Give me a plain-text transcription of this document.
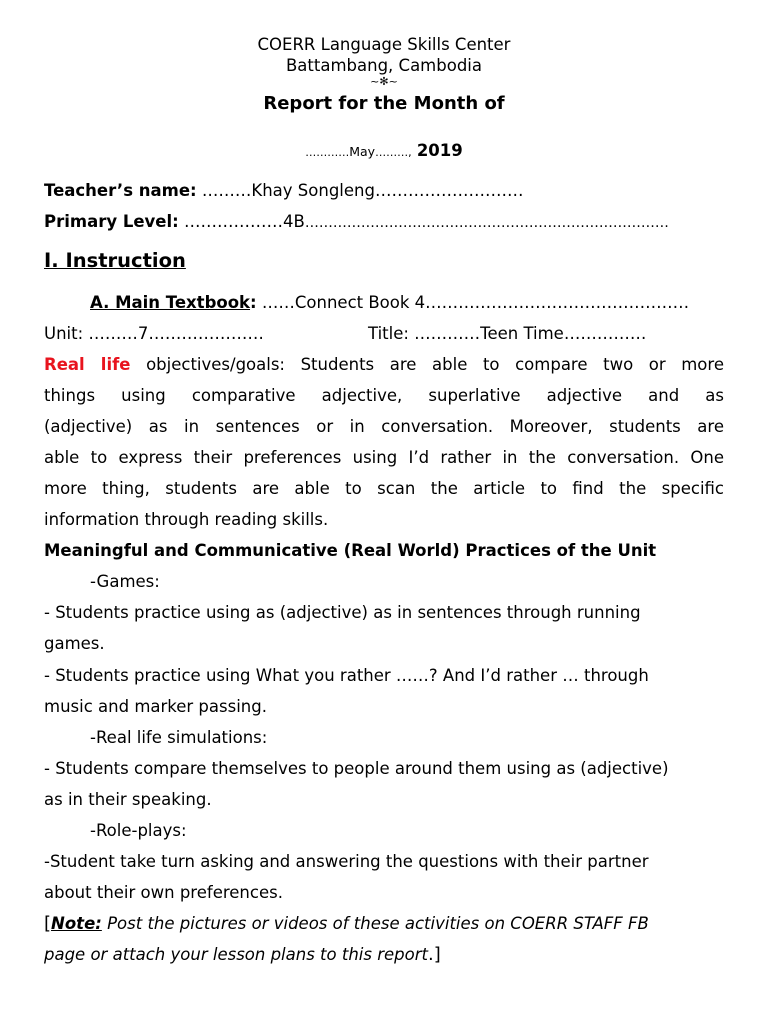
COERR Language Skills Center
Battambang, Cambodia
~✻~
Report for the Month of
…………May………, 2019
Teacher’s name: ………Khay Songleng………………………
Primary Level: ………………4B……………………………………………………………………
I. Instruction
A. Main Textbook: ……Connect Book 4…………………………………………
Unit: ………7…………………	Title: …………Teen Time……………
Real life objectives/goals: Students are able to compare two or more
things using comparative adjective, superlative adjective and as
(adjective) as in sentences or in conversation. Moreover, students are
able to express their preferences using I’d rather in the conversation. One
more thing, students are able to scan the article to find the specific
information through reading skills.
Meaningful and Communicative (Real World) Practices of the Unit
-Games:
- Students practice using as (adjective) as in sentences through running
games.
- Students practice using What you rather ……? And I’d rather … through
music and marker passing.
-Real life simulations:
- Students compare themselves to people around them using as (adjective)
as in their speaking.
-Role-plays:
-Student take turn asking and answering the questions with their partner
about their own preferences.
[Note: Post the pictures or videos of these activities on COERR STAFF FB
page or attach your lesson plans to this report.]
